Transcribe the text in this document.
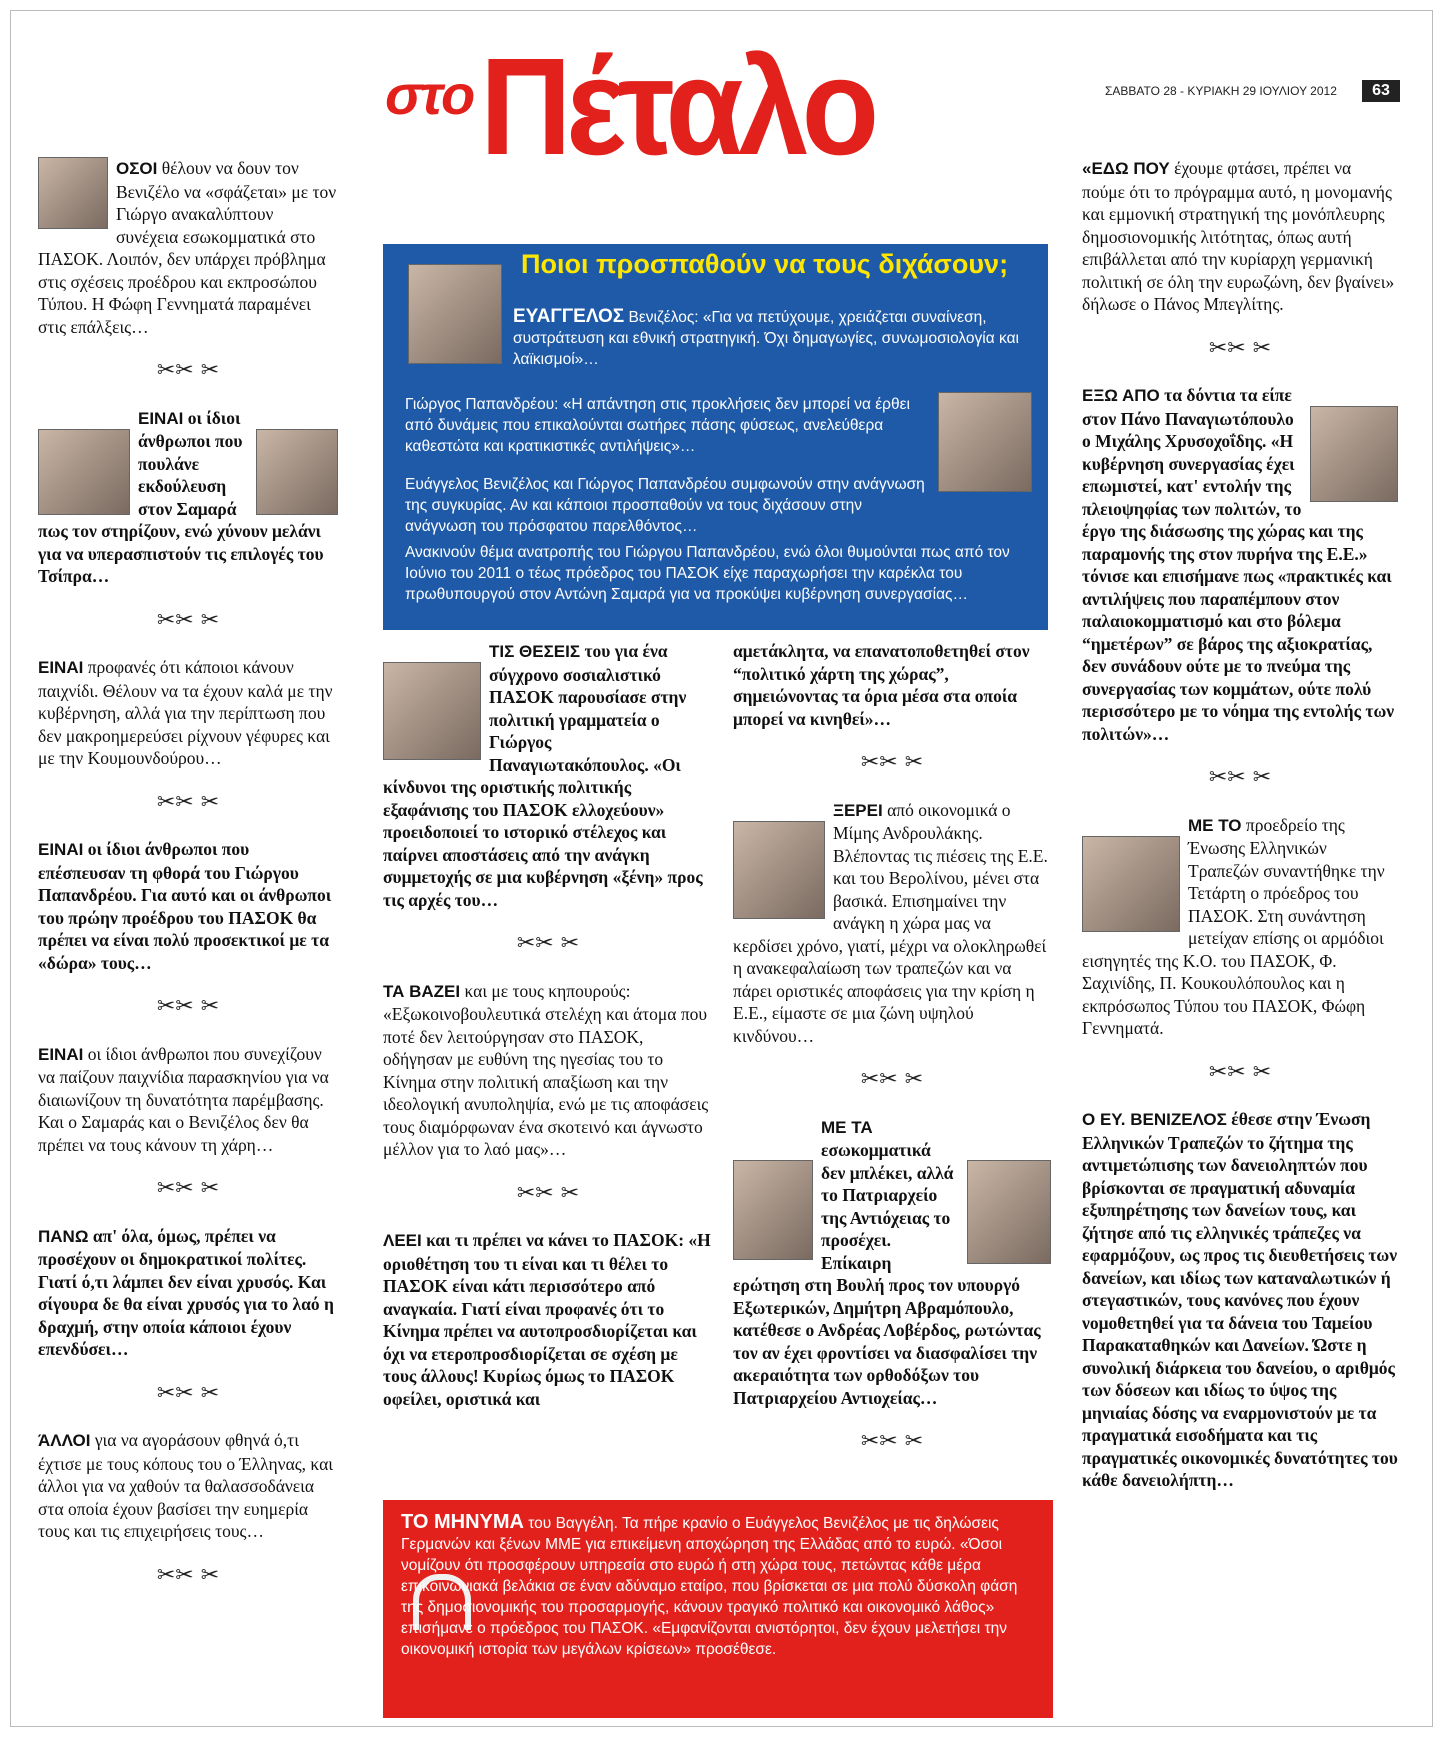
στο Πέταλο	ΣΑΒΒΑΤΟ 28 - ΚΥΡΙΑΚΗ 29 ΙΟΥΛΙΟΥ 2012	63

ΟΣΟΙ θέλουν να δουν τον Βενιζέλο να «σφάζεται» με τον Γιώργο ανακαλύπτουν συνέχεια εσωκομματικά στο ΠΑΣΟΚ. Λοιπόν, δεν υπάρχει πρόβλημα στις σχέσεις προέδρου και εκπροσώπου Τύπου. Η Φώφη Γεννηματά παραμένει στις επάλξεις…

✂✂ ✂

ΕΙΝΑΙ οι ίδιοι άνθρωποι που πουλάνε εκδούλευση στον Σαμαρά πως τον στηρίζουν, ενώ χύνουν μελάνι για να υπερασπιστούν τις επιλογές του Τσίπρα…

✂✂ ✂

ΕΙΝΑΙ προφανές ότι κάποιοι κάνουν παιχνίδι. Θέλουν να τα έχουν καλά με την κυβέρνηση, αλλά για την περίπτωση που δεν μακροημερεύσει ρίχνουν γέφυρες και με την Κουμουνδούρου…

✂✂ ✂

ΕΙΝΑΙ οι ίδιοι άνθρωποι που επέσπευσαν τη φθορά του Γιώργου Παπανδρέου. Για αυτό και οι άνθρωποι του πρώην προέδρου του ΠΑΣΟΚ θα πρέπει να είναι πολύ προσεκτικοί με τα «δώρα» τους…

✂✂ ✂

ΕΙΝΑΙ οι ίδιοι άνθρωποι που συνεχίζουν να παίζουν παιχνίδια παρασκηνίου για να διαιωνίζουν τη δυνατότητα παρέμβασης. Και ο Σαμαράς και ο Βενιζέλος δεν θα πρέπει να τους κάνουν τη χάρη…

✂✂ ✂

ΠΑΝΩ απ' όλα, όμως, πρέπει να προσέχουν οι δημοκρατικοί πολίτες. Γιατί ό,τι λάμπει δεν είναι χρυσός. Και σίγουρα δε θα είναι χρυσός για το λαό η δραχμή, στην οποία κάποιοι έχουν επενδύσει…

✂✂ ✂

ΆΛΛΟΙ για να αγοράσουν φθηνά ό,τι έχτισε με τους κόπους του ο Έλληνας, και άλλοι για να χαθούν τα θαλασσοδάνεια στα οποία έχουν βασίσει την ευημερία τους και τις επιχειρήσεις τους…

✂✂ ✂
Ποιοι προσπαθούν να τους διχάσουν;
ΕΥΑΓΓΕΛΟΣ Βενιζέλος: «Για να πετύχουμε, χρειάζεται συναίνεση, συστράτευση και εθνική στρατηγική. Όχι δημαγωγίες, συνωμοσιολογία και λαϊκισμοί»…
Γιώργος Παπανδρέου: «Η απάντηση στις προκλήσεις δεν μπορεί να έρθει από δυνάμεις που επικαλούνται σωτήρες πάσης φύσεως, ανελεύθερα καθεστώτα και κρατικιστικές αντιλήψεις»…
Ευάγγελος Βενιζέλος και Γιώργος Παπανδρέου συμφωνούν στην ανάγνωση της συγκυρίας. Αν και κάποιοι προσπαθούν να τους διχάσουν στην ανάγνωση του πρόσφατου παρελθόντος…
Ανακινούν θέμα ανατροπής του Γιώργου Παπανδρέου, ενώ όλοι θυμούνται πως από τον Ιούνιο του 2011 ο τέως πρόεδρος του ΠΑΣΟΚ είχε παραχωρήσει την καρέκλα του πρωθυπουργού στον Αντώνη Σαμαρά για να προκύψει κυβέρνηση συνεργασίας…

ΤΙΣ ΘΕΣΕΙΣ του για ένα σύγχρονο σοσιαλιστικό ΠΑΣΟΚ παρουσίασε στην πολιτική γραμματεία ο Γιώργος Παναγιωτακόπουλος. «Οι κίνδυνοι της οριστικής πολιτικής εξαφάνισης του ΠΑΣΟΚ ελλοχεύουν» προειδοποιεί το ιστορικό στέλεχος και παίρνει αποστάσεις από την ανάγκη συμμετοχής σε μια κυβέρνηση «ξένη» προς τις αρχές του…

✂✂ ✂

ΤΑ ΒΑΖΕΙ και με τους κηπουρούς: «Εξωκοινοβουλευτικά στελέχη και άτομα που ποτέ δεν λειτούργησαν στο ΠΑΣΟΚ, οδήγησαν με ευθύνη της ηγεσίας του το Κίνημα στην πολιτική απαξίωση και την ιδεολογική ανυποληψία, ενώ με τις αποφάσεις τους διαμόρφωναν ένα σκοτεινό και άγνωστο μέλλον για το λαό μας»…

✂✂ ✂

ΛΕΕΙ και τι πρέπει να κάνει το ΠΑΣΟΚ: «Η οριοθέτηση του τι είναι και τι θέλει το ΠΑΣΟΚ είναι κάτι περισσότερο από αναγκαία. Γιατί είναι προφανές ότι το Κίνημα πρέπει να αυτοπροσδιορίζεται και όχι να ετεροπροσδιορίζεται σε σχέση με τους άλλους! Κυρίως όμως το ΠΑΣΟΚ οφείλει, οριστικά και

αμετάκλητα, να επανατοποθετηθεί στον “πολιτικό χάρτη της χώρας”, σημειώνοντας τα όρια μέσα στα οποία μπορεί να κινηθεί»…

✂✂ ✂

ΞΕΡΕΙ από οικονομικά ο Μίμης Ανδρουλάκης. Βλέποντας τις πιέσεις της Ε.Ε. και του Βερολίνου, μένει στα βασικά. Επισημαίνει την ανάγκη η χώρα μας να κερδίσει χρόνο, γιατί, μέχρι να ολοκληρωθεί η ανακεφαλαίωση των τραπεζών και να πάρει οριστικές αποφάσεις για την κρίση η Ε.Ε., είμαστε σε μια ζώνη υψηλού κινδύνου…

✂✂ ✂

ΜΕ ΤΑ εσωκομματικά δεν μπλέκει, αλλά το Πατριαρχείο της Αντιόχειας το προσέχει. Επίκαιρη ερώτηση στη Βουλή προς τον υπουργό Εξωτερικών, Δημήτρη Αβραμόπουλο, κατέθεσε ο Ανδρέας Λοβέρδος, ρωτώντας τον αν έχει φροντίσει να διασφαλίσει την ακεραιότητα των ορθοδόξων του Πατριαρχείου Αντιοχείας…

✂✂ ✂

«ΕΔΩ ΠΟΥ έχουμε φτάσει, πρέπει να πούμε ότι το πρόγραμμα αυτό, η μονομανής και εμμονική στρατηγική της μονόπλευρης δημοσιονομικής λιτότητας, όπως αυτή επιβάλλεται από την κυρίαρχη γερμανική πολιτική σε όλη την ευρωζώνη, δεν βγαίνει» δήλωσε ο Πάνος Μπεγλίτης.

✂✂ ✂

ΕΞΩ ΑΠΟ τα δόντια τα είπε στον Πάνο Παναγιωτόπουλο ο Μιχάλης Χρυσοχοΐδης. «Η κυβέρνηση συνεργασίας έχει επωμιστεί, κατ' εντολήν της πλειοψηφίας των πολιτών, το έργο της διάσωσης της χώρας και της παραμονής της στον πυρήνα της Ε.Ε.» τόνισε και επισήμανε πως «πρακτικές και αντιλήψεις που παραπέμπουν στον παλαιοκομματισμό και στο βόλεμα “ημετέρων” σε βάρος της αξιοκρατίας, δεν συνάδουν ούτε με το πνεύμα της συνεργασίας των κομμάτων, ούτε πολύ περισσότερο με το νόημα της εντολής των πολιτών»…

✂✂ ✂

ΜΕ ΤΟ προεδρείο της Ένωσης Ελληνικών Τραπεζών συναντήθηκε την Τετάρτη ο πρόεδρος του ΠΑΣΟΚ. Στη συνάντηση μετείχαν επίσης οι αρμόδιοι εισηγητές της Κ.Ο. του ΠΑΣΟΚ, Φ. Σαχινίδης, Π. Κουκουλόπουλος και η εκπρόσωπος Τύπου του ΠΑΣΟΚ, Φώφη Γεννηματά.

✂✂ ✂

Ο ΕΥ. ΒΕΝΙΖΕΛΟΣ έθεσε στην Ένωση Ελληνικών Τραπεζών το ζήτημα της αντιμετώπισης των δανειοληπτών που βρίσκονται σε πραγματική αδυναμία εξυπηρέτησης των δανείων τους, και ζήτησε από τις ελληνικές τράπεζες να εφαρμόζουν, ως προς τις διευθετήσεις των δανείων, και ιδίως των καταναλωτικών ή στεγαστικών, τους κανόνες που έχουν νομοθετηθεί για τα δάνεια του Ταμείου Παρακαταθηκών και Δανείων. Ώστε η συνολική διάρκεια του δανείου, ο αριθμός των δόσεων και ιδίως το ύψος της μηνιαίας δόσης να εναρμονιστούν με τα πραγματικά εισοδήματα και τις πραγματικές οικονομικές δυνατότητες του κάθε δανειολήπτη…

ΤΟ ΜΗΝΥΜΑ του Βαγγέλη. Τα πήρε κρανίο ο Ευάγγελος Βενιζέλος με τις δηλώσεις Γερμανών και ξένων ΜΜΕ για επικείμενη αποχώρηση της Ελλάδας από το ευρώ. «Όσοι νομίζουν ότι προσφέρουν υπηρεσία στο ευρώ ή στη χώρα τους, πετώντας κάθε μέρα επικοινωνιακά βελάκια σε έναν αδύναμο εταίρο, που βρίσκεται σε μια πολύ δύσκολη φάση της δημοσιονομικής του προσαρμογής, κάνουν τραγικό πολιτικό και οικονομικό λάθος» επισήμανε ο πρόεδρος του ΠΑΣΟΚ. «Εμφανίζονται ανιστόρητοι, δεν έχουν μελετήσει την οικονομική ιστορία των μεγάλων κρίσεων» προσέθεσε.
